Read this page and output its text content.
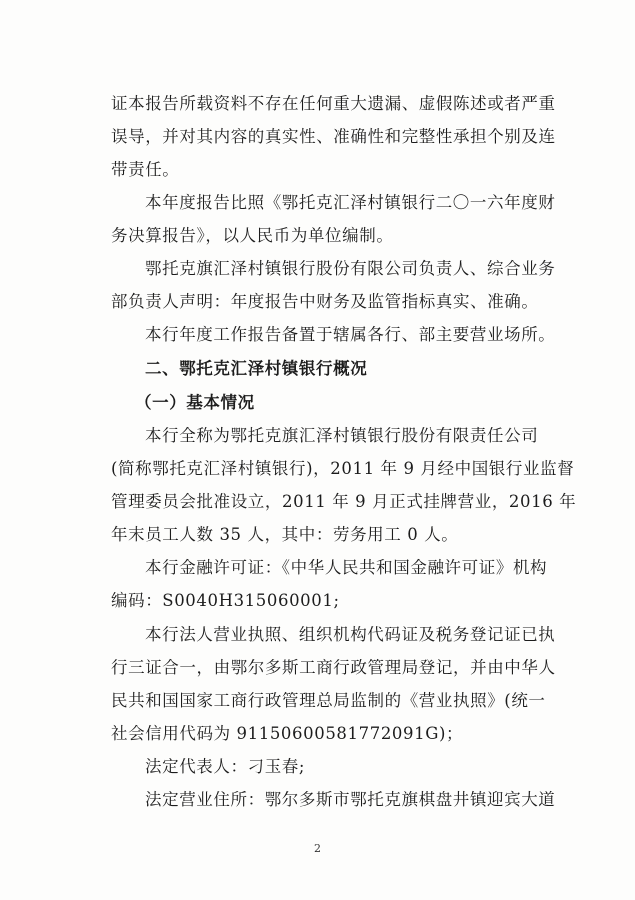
证本报告所载资料不存在任何重大遗漏、虚假陈述或者严重
误导，并对其内容的真实性、准确性和完整性承担个别及连
带责任。
本年度报告比照《鄂托克汇泽村镇银行二〇一六年度财
务决算报告》，以人民币为单位编制。
鄂托克旗汇泽村镇银行股份有限公司负责人、综合业务
部负责人声明：年度报告中财务及监管指标真实、准确。
本行年度工作报告备置于辖属各行、部主要营业场所。
二、鄂托克汇泽村镇银行概况
（一）基本情况
本行全称为鄂托克旗汇泽村镇银行股份有限责任公司
(简称鄂托克汇泽村镇银行)，2011 年 9 月经中国银行业监督
管理委员会批准设立，2011 年 9 月正式挂牌营业，2016 年
年末员工人数 35 人，其中：劳务用工 0 人。
本行金融许可证：《中华人民共和国金融许可证》机构
编码：S0040H315060001;
本行法人营业执照、组织机构代码证及税务登记证已执
行三证合一，由鄂尔多斯工商行政管理局登记，并由中华人
民共和国国家工商行政管理总局监制的《营业执照》(统一
社会信用代码为 91150600581772091G)；
法定代表人：刁玉春;
法定营业住所：鄂尔多斯市鄂托克旗棋盘井镇迎宾大道
2
